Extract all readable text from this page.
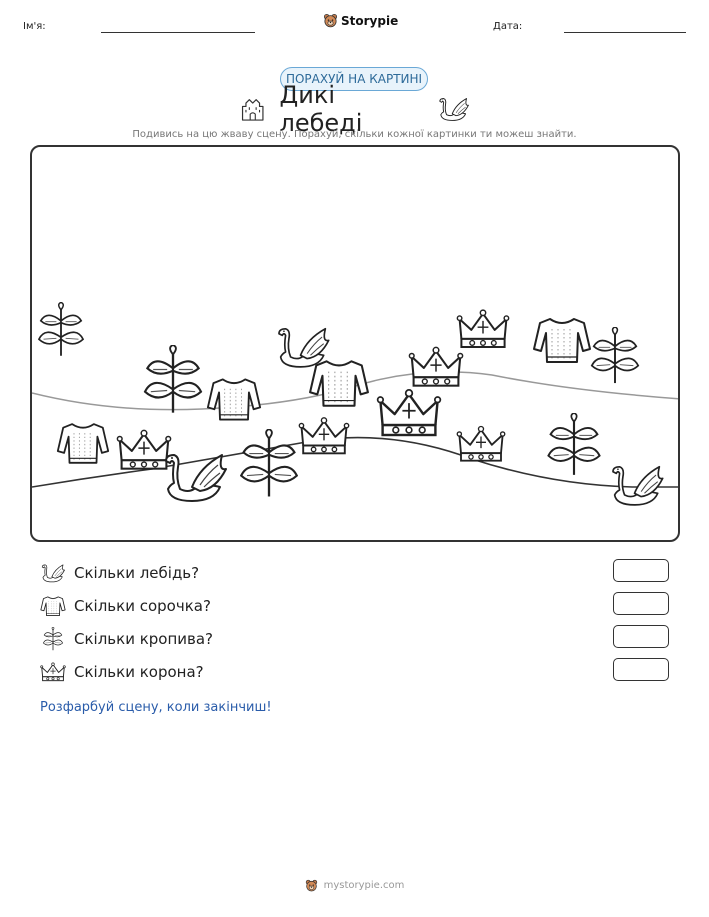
Ім'я:	Storypie	Дата:
ПОРАХУЙ НА КАРТИНІ
Дикі лебеді
Подивись на цю жваву сцену. Порахуй, скільки кожної картинки ти можеш знайти.
Скільки лебідь?
Скільки сорочка?
Скільки кропива?
Скільки корона?
Розфарбуй сцену, коли закінчиш!
mystorypie.com
